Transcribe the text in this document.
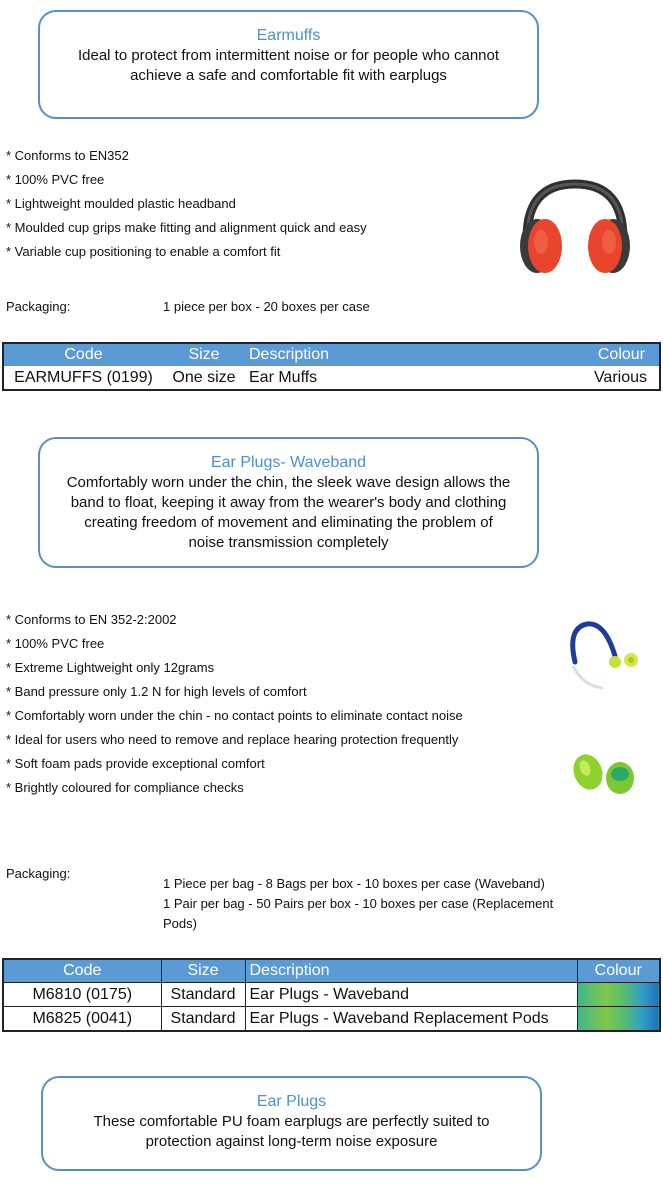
Earmuffs
Ideal to protect from intermittent noise or for people who cannot
achieve a safe and comfortable fit with earplugs
* Conforms to EN352
* 100% PVC free
* Lightweight moulded plastic headband
* Moulded cup grips make fitting and alignment quick and easy
* Variable cup positioning to enable a comfort fit
Packaging:	1 piece per box - 20 boxes per case
Code	Size	Description	Colour
EARMUFFS (0199)	One size	Ear Muffs	Various
Ear Plugs- Waveband
Comfortably worn under the chin, the sleek wave design allows the
band to float, keeping it away from the wearer's body and clothing
creating freedom of movement and eliminating the problem of
noise transmission completely
* Conforms to EN 352-2:2002
* 100% PVC free
* Extreme Lightweight only 12grams
* Band pressure only 1.2 N for high levels of comfort
* Comfortably worn under the chin - no contact points to eliminate contact noise
* Ideal for users who need to remove and replace hearing protection frequently
* Soft foam pads provide exceptional comfort
* Brightly coloured for compliance checks
Packaging:
1 Piece per bag - 8 Bags per box - 10 boxes per case (Waveband)
1 Pair per bag - 50 Pairs per box - 10 boxes per case (Replacement
Pods)
Code	Size	Description	Colour
M6810 (0175)	Standard	Ear Plugs - Waveband	
M6825 (0041)	Standard	Ear Plugs - Waveband Replacement Pods	
Ear Plugs
These comfortable PU foam earplugs are perfectly suited to
protection against long-term noise exposure
